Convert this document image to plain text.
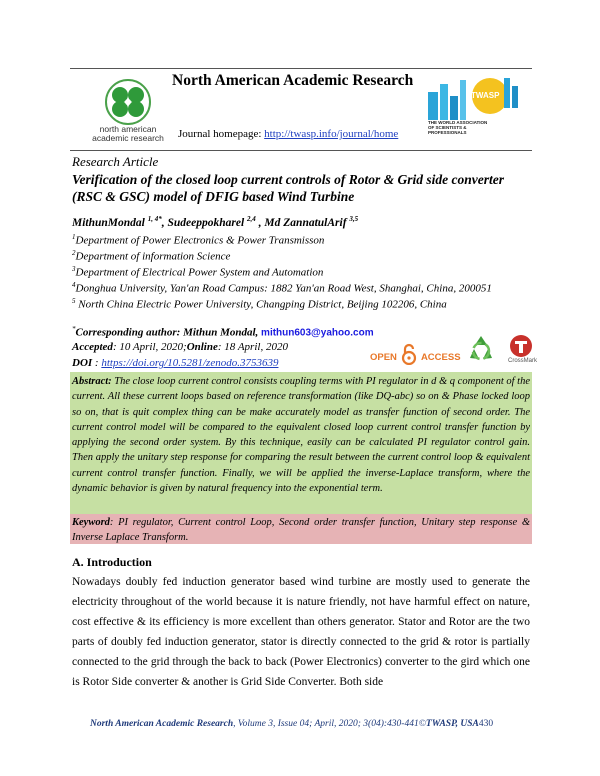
north american academic research
North American Academic Research
Journal homepage: http://twasp.info/journal/home
TWASP
THE WORLD ASSOCIATION OF SCIENTISTS & PROFESSIONALS
Research Article
Verification of the closed loop current controls of Rotor & Grid side converter (RSC & GSC) model of DFIG based Wind Turbine
MithunMondal $^{1, 4*}$, Sudeeppokharel $^{2,4}$ , Md ZannatulArif $^{3,5}$
$^1$Department of Power Electronics & Power Transmisson
$^2$Department of information Science
$^3$Department of Electrical Power System and Automation
$^4$Donghua University, Yan'an Road Campus: 1882 Yan'an Road West, Shanghai, China, 200051
$^5$ North China Electric Power University, Changping District, Beijing 102206, China
*Corresponding author: Mithun Mondal, mithun603@yahoo.com
Accepted: 10 April, 2020;Online: 18 April, 2020
DOI : https://doi.org/10.5281/zenodo.3753639	OPEN	ACCESS	CrossMark
Abstract: The close loop current control consists coupling terms with PI regulator in d & q component of the current. All these current loops based on reference transformation (like DQ-abc) so on & Phase locked loop so on, that is quit complex thing can be make accurately model as transfer function of second order. The current control model will be compared to the equivalent closed loop current control transfer function by applying the second order system. By this technique, easily can be calculated PI regulator control gain. Then apply the unitary step response for comparing the result between the current control loop & equivalent current control transfer function. Finally, we will be applied the inverse-Laplace transform, where the dynamic behavior is given by natural frequency into the exponential term.
Keyword: PI regulator, Current control Loop, Second order transfer function, Unitary step response & Inverse Laplace Transform.
A. Introduction
Nowadays doubly fed induction generator based wind turbine are mostly used to generate the electricity throughout of the world because it is nature friendly, not have harmful effect on nature, cost effective & its efficiency is more excellent than others generator. Stator and Rotor are the two parts of doubly fed induction generator, stator is directly connected to the grid & rotor is partially connected to the grid through the back to back (Power Electronics) converter to the gird which one is Rotor Side converter & another is Grid Side Converter. Both side
North American Academic Research, Volume 3, Issue 04; April, 2020; 3(04):430-441©TWASP, USA430
